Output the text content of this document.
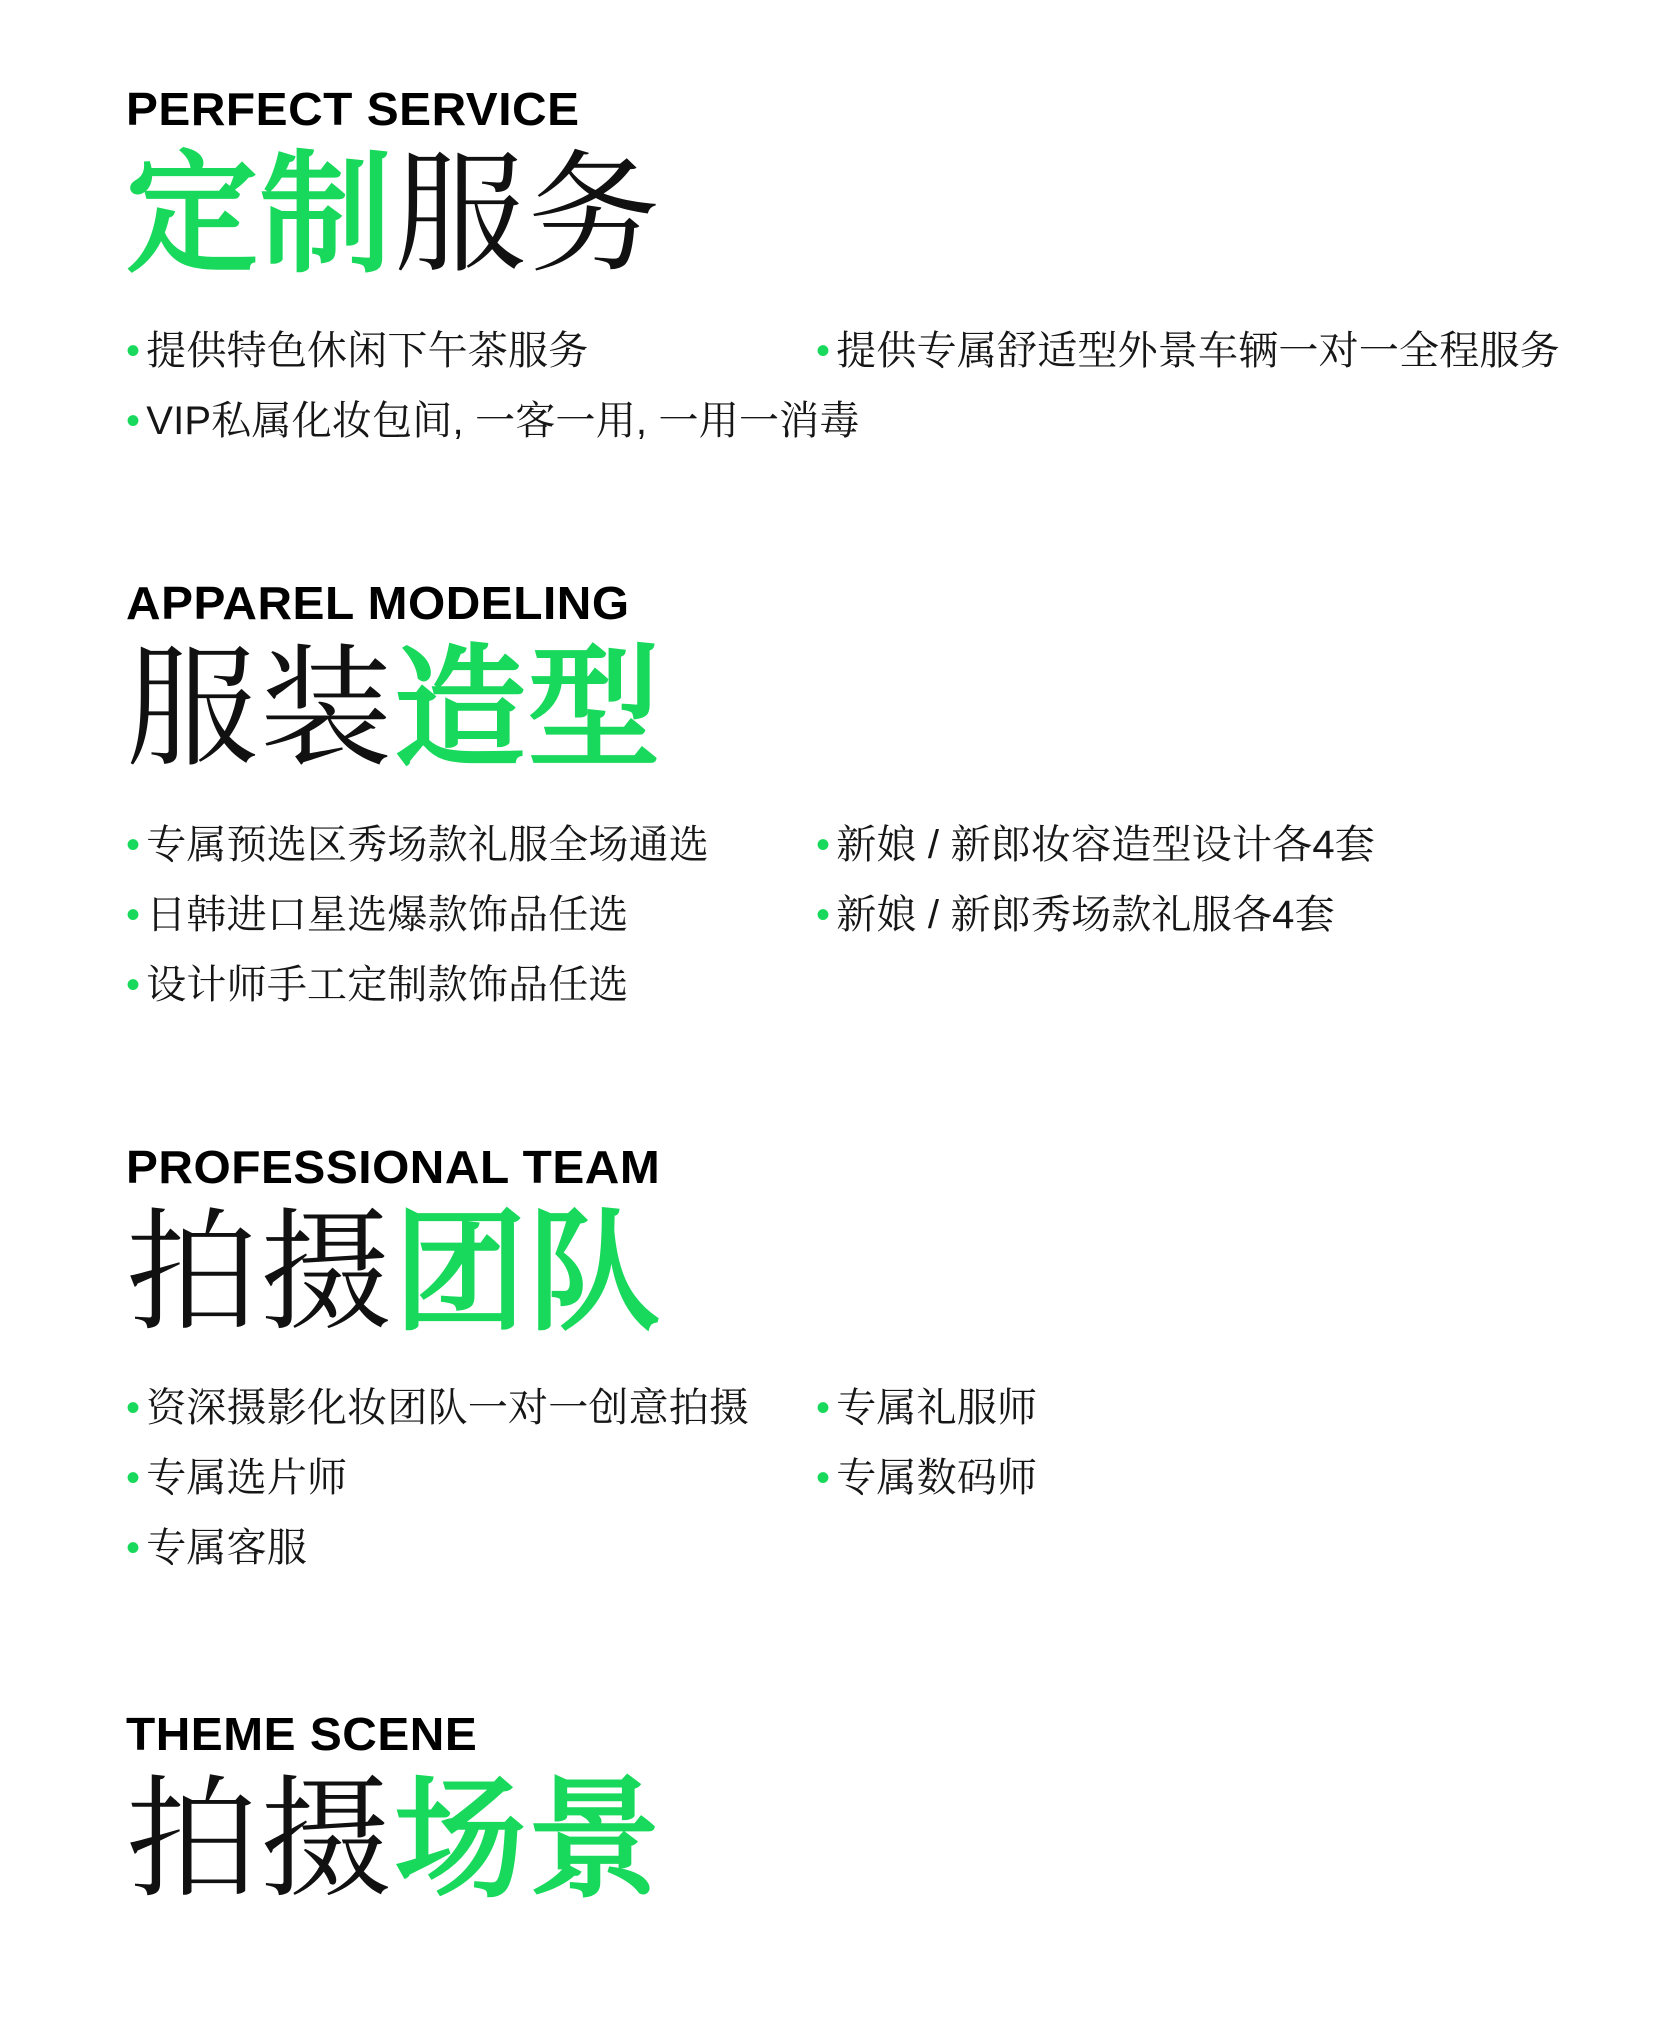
PERFECT SERVICE
定制服务
• 提供特色休闲下午茶服务	• 提供专属舒适型外景车辆一对一全程服务
• VIP私属化妆包间, 一客一用, 一用一消毒
APPAREL MODELING
服装造型
• 专属预选区秀场款礼服全场通选	• 新娘 / 新郎妆容造型设计各4套
• 日韩进口星选爆款饰品任选	• 新娘 / 新郎秀场款礼服各4套
• 设计师手工定制款饰品任选
PROFESSIONAL TEAM
拍摄团队
• 资深摄影化妆团队一对一创意拍摄 • 专属礼服师
• 专属选片师	• 专属数码师
• 专属客服
THEME SCENE
拍摄场景
